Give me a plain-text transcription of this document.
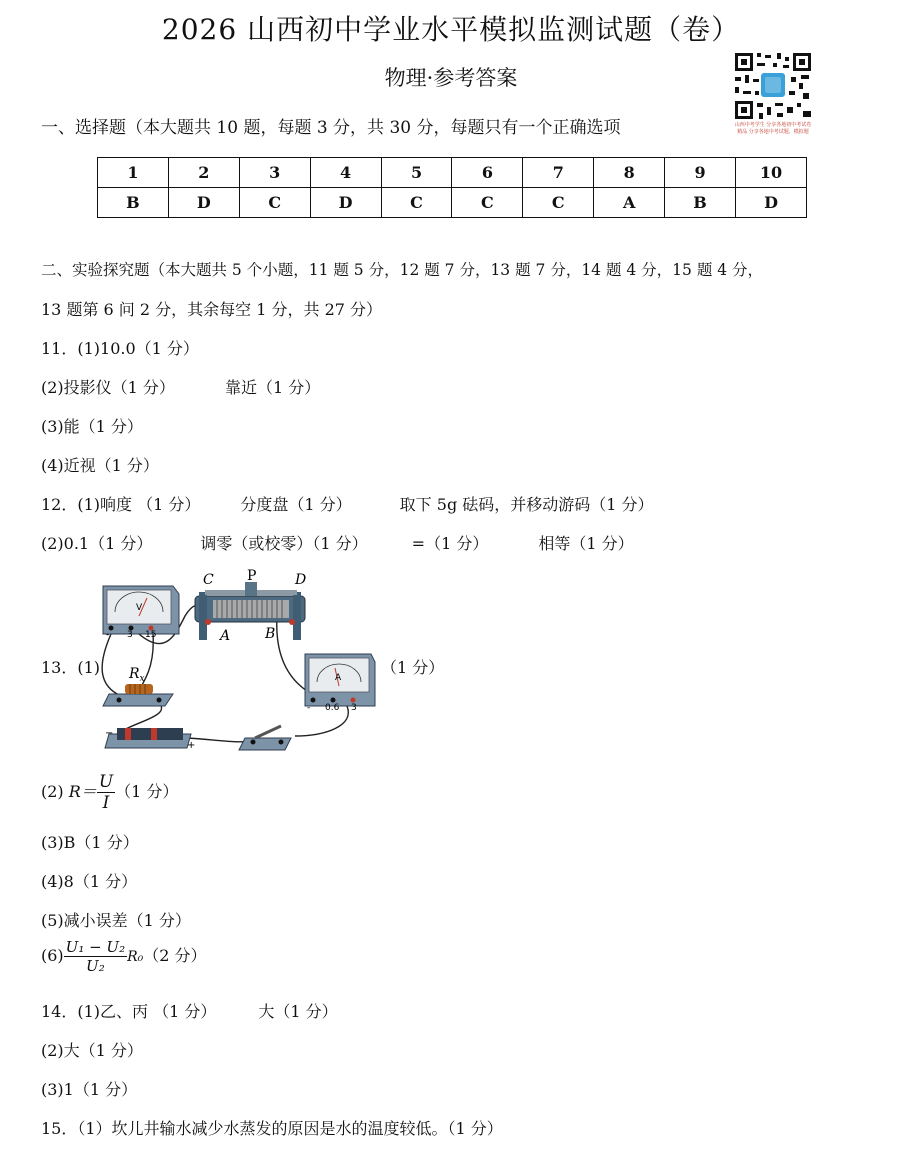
2026 山西初中学业水平模拟监测试题（卷）
物理·参考答案
山西中考学生 分享各地初中考试卷精品 分享各地中考试题、模拟题
一、选择题（本大题共 10 题，每题 3 分，共 30 分，每题只有一个正确选项
1	2	3	4	5	6	7	8	9	10
B	D	C	D	C	C	C	A	B	D
二、实验探究题（本大题共 5 个小题，11 题 5 分，12 题 7 分，13 题 7 分，14 题 4 分，15 题 4 分，
13 题第 6 问 2 分，其余每空 1 分，共 27 分）
11．(1)10.0（1 分）
(2)投影仪（1 分）	靠近（1 分）
(3)能（1 分）
(4)近视（1 分）
12．(1)响度 （1 分）	分度盘（1 分）	取下 5g 砝码，并移动游码（1 分）
(2)0.1（1 分）	调零（或校零）（1 分）	=（1 分）	相等（1 分）
V
- 3 15
C P	D
A B
$R_x$	A
- 0.6 3
−
+
13．(1)	（1 分）
(2) $R= \frac{U}{I} (1$ 分）
(3)B（1 分）
(4)8（1 分）
(5)减小误差（1 分）
$(6) \frac{\text{U₁ − U₂}}{\text{U₂}} R_0(2$ 分）
14．(1)乙、丙 （1 分）	大（1 分）
(2)大（1 分）
(3)1（1 分）
15．（1）坎儿井输水减少水蒸发的原因是水的温度较低。（1 分）
